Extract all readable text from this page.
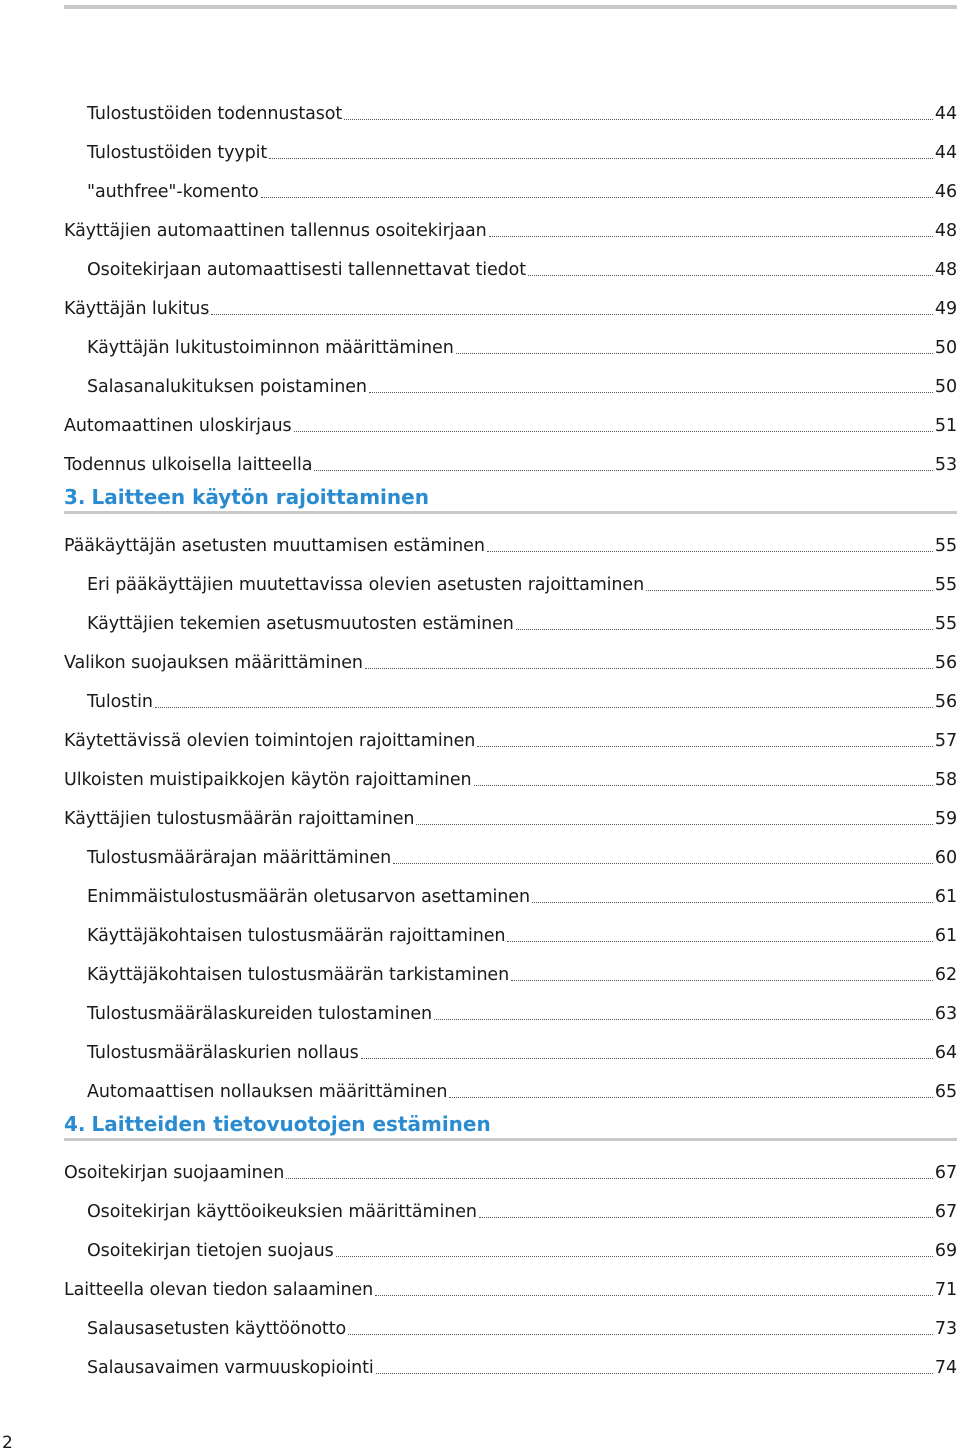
Tulostustöiden todennustasot	44
Tulostustöiden tyypit	44
"authfree"-komento	46
Käyttäjien automaattinen tallennus osoitekirjaan	48
Osoitekirjaan automaattisesti tallennettavat tiedot	48
Käyttäjän lukitus	49
Käyttäjän lukitustoiminnon määrittäminen	50
Salasanalukituksen poistaminen	50
Automaattinen uloskirjaus	51
Todennus ulkoisella laitteella	53
3. Laitteen käytön rajoittaminen
Pääkäyttäjän asetusten muuttamisen estäminen	55
Eri pääkäyttäjien muutettavissa olevien asetusten rajoittaminen	55
Käyttäjien tekemien asetusmuutosten estäminen	55
Valikon suojauksen määrittäminen	56
Tulostin	56
Käytettävissä olevien toimintojen rajoittaminen	57
Ulkoisten muistipaikkojen käytön rajoittaminen	58
Käyttäjien tulostusmäärän rajoittaminen	59
Tulostusmäärärajan määrittäminen	60
Enimmäistulostusmäärän oletusarvon asettaminen	61
Käyttäjäkohtaisen tulostusmäärän rajoittaminen	61
Käyttäjäkohtaisen tulostusmäärän tarkistaminen	62
Tulostusmäärälaskureiden tulostaminen	63
Tulostusmäärälaskurien nollaus	64
Automaattisen nollauksen määrittäminen	65
4. Laitteiden tietovuotojen estäminen
Osoitekirjan suojaaminen	67
Osoitekirjan käyttöoikeuksien määrittäminen	67
Osoitekirjan tietojen suojaus	69
Laitteella olevan tiedon salaaminen	71
Salausasetusten käyttöönotto	73
Salausavaimen varmuuskopiointi	74
2
